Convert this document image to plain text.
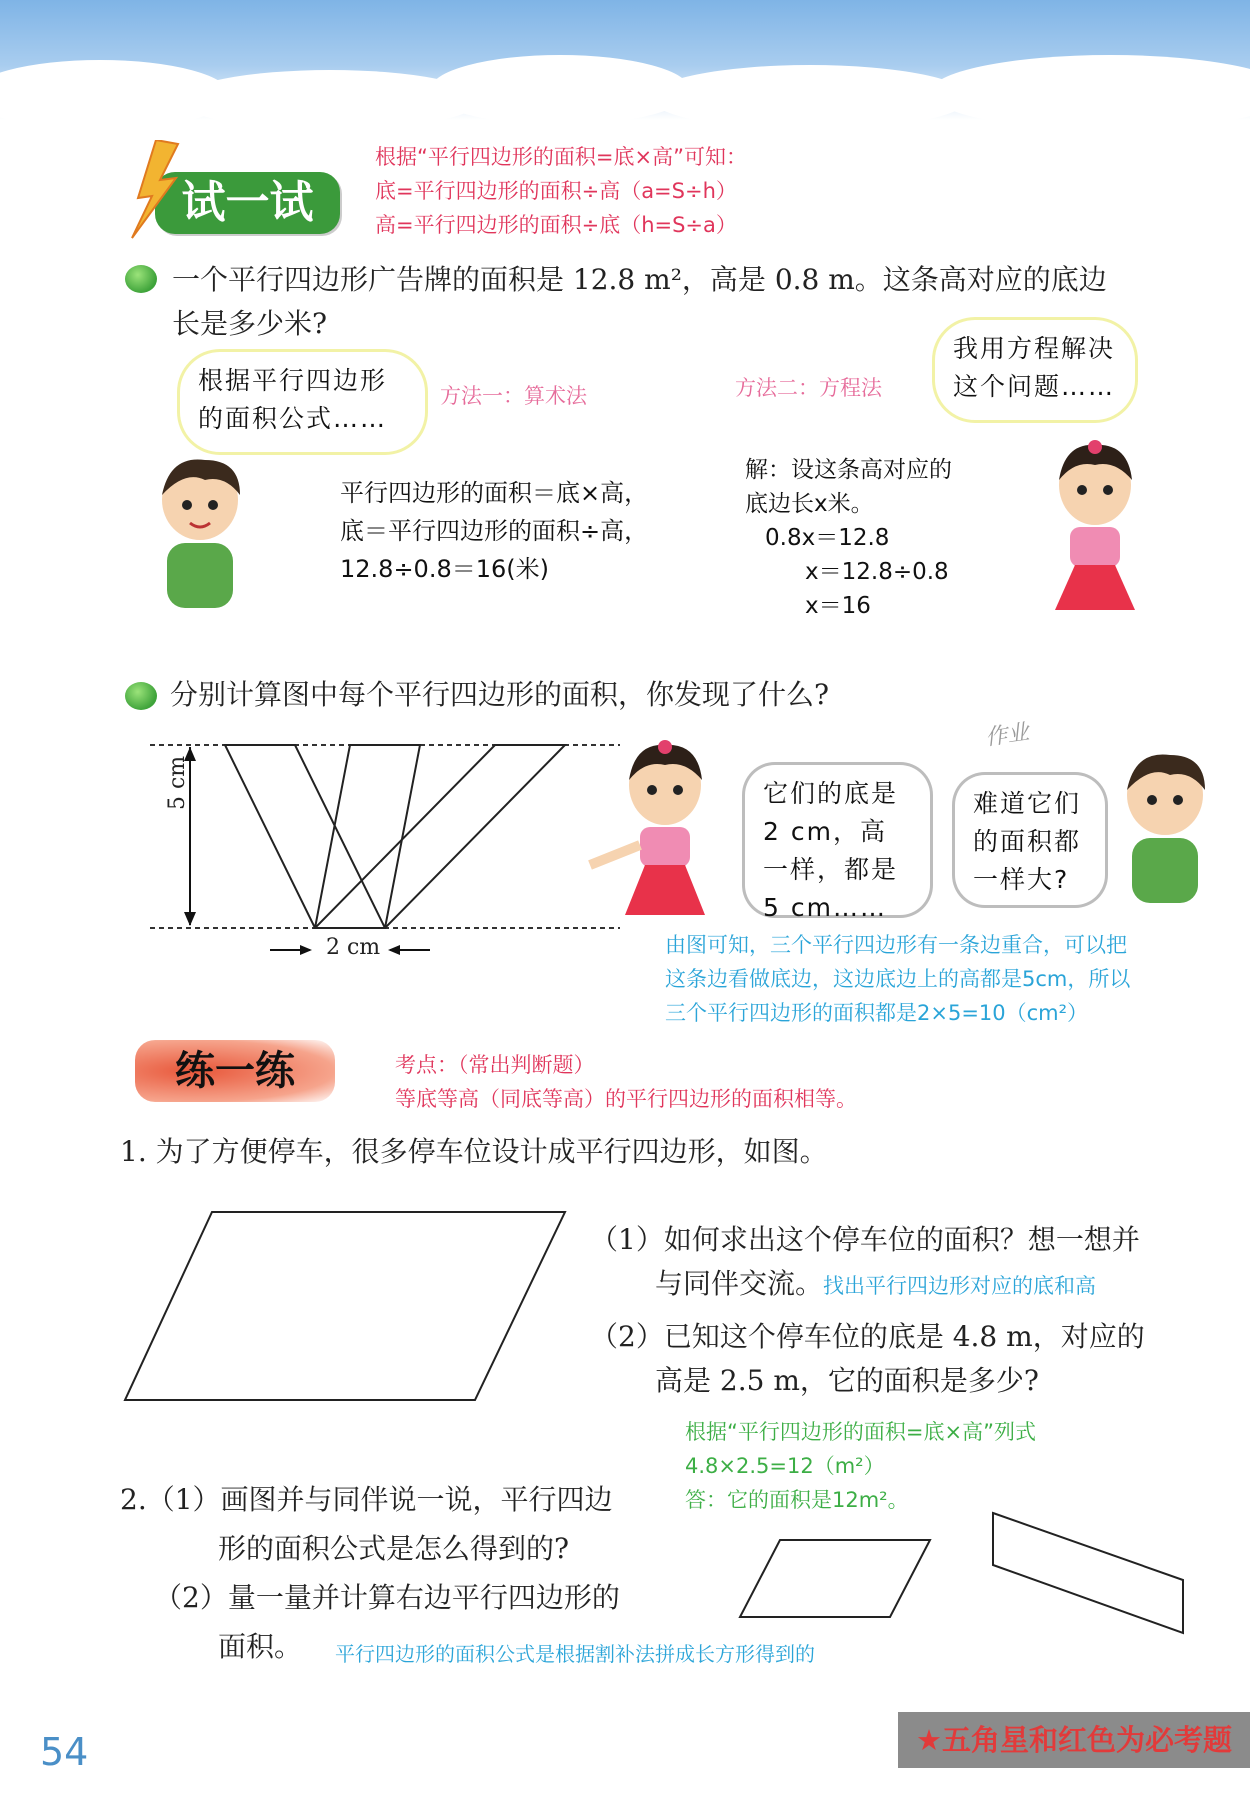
试一试
根据“平行四边形的面积=底×高”可知：
底=平行四边形的面积÷高（a=S÷h）
高=平行四边形的面积÷底（h=S÷a）
一个平行四边形广告牌的面积是 12.8 m²，高是 0.8 m。这条高对应的底边
长是多少米?
根据平行四边形的面积公式……
我用方程解决这个问题……
方法一：算术法	方法二：方程法
平行四边形的面积＝底×高，
底＝平行四边形的面积÷高，
12.8÷0.8＝16(米)
解：设这条高对应的
底边长x米。
0.8x＝12.8
x＝12.8÷0.8
x＝16
分别计算图中每个平行四边形的面积，你发现了什么?
5 cm
2 cm
它们的底是 2 cm，高一样，都是 5 cm……
难道它们的面积都一样大?
作业
由图可知，三个平行四边形有一条边重合，可以把
这条边看做底边，这边底边上的高都是5cm，所以
三个平行四边形的面积都是2×5=10（cm²）
练一练	考点：（常出判断题）
等底等高（同底等高）的平行四边形的面积相等。
1. 为了方便停车，很多停车位设计成平行四边形，如图。
（1）如何求出这个停车位的面积？想一想并
与同伴交流。找出平行四边形对应的底和高
（2）已知这个停车位的底是 4.8 m，对应的
高是 2.5 m，它的面积是多少?
根据“平行四边形的面积=底×高”列式
4.8×2.5=12（m²）
答：它的面积是12m²。
2.（1）画图并与同伴说一说，平行四边
形的面积公式是怎么得到的?
（2）量一量并计算右边平行四边形的
面积。	平行四边形的面积公式是根据割补法拼成长方形得到的
54	★五角星和红色为必考题
